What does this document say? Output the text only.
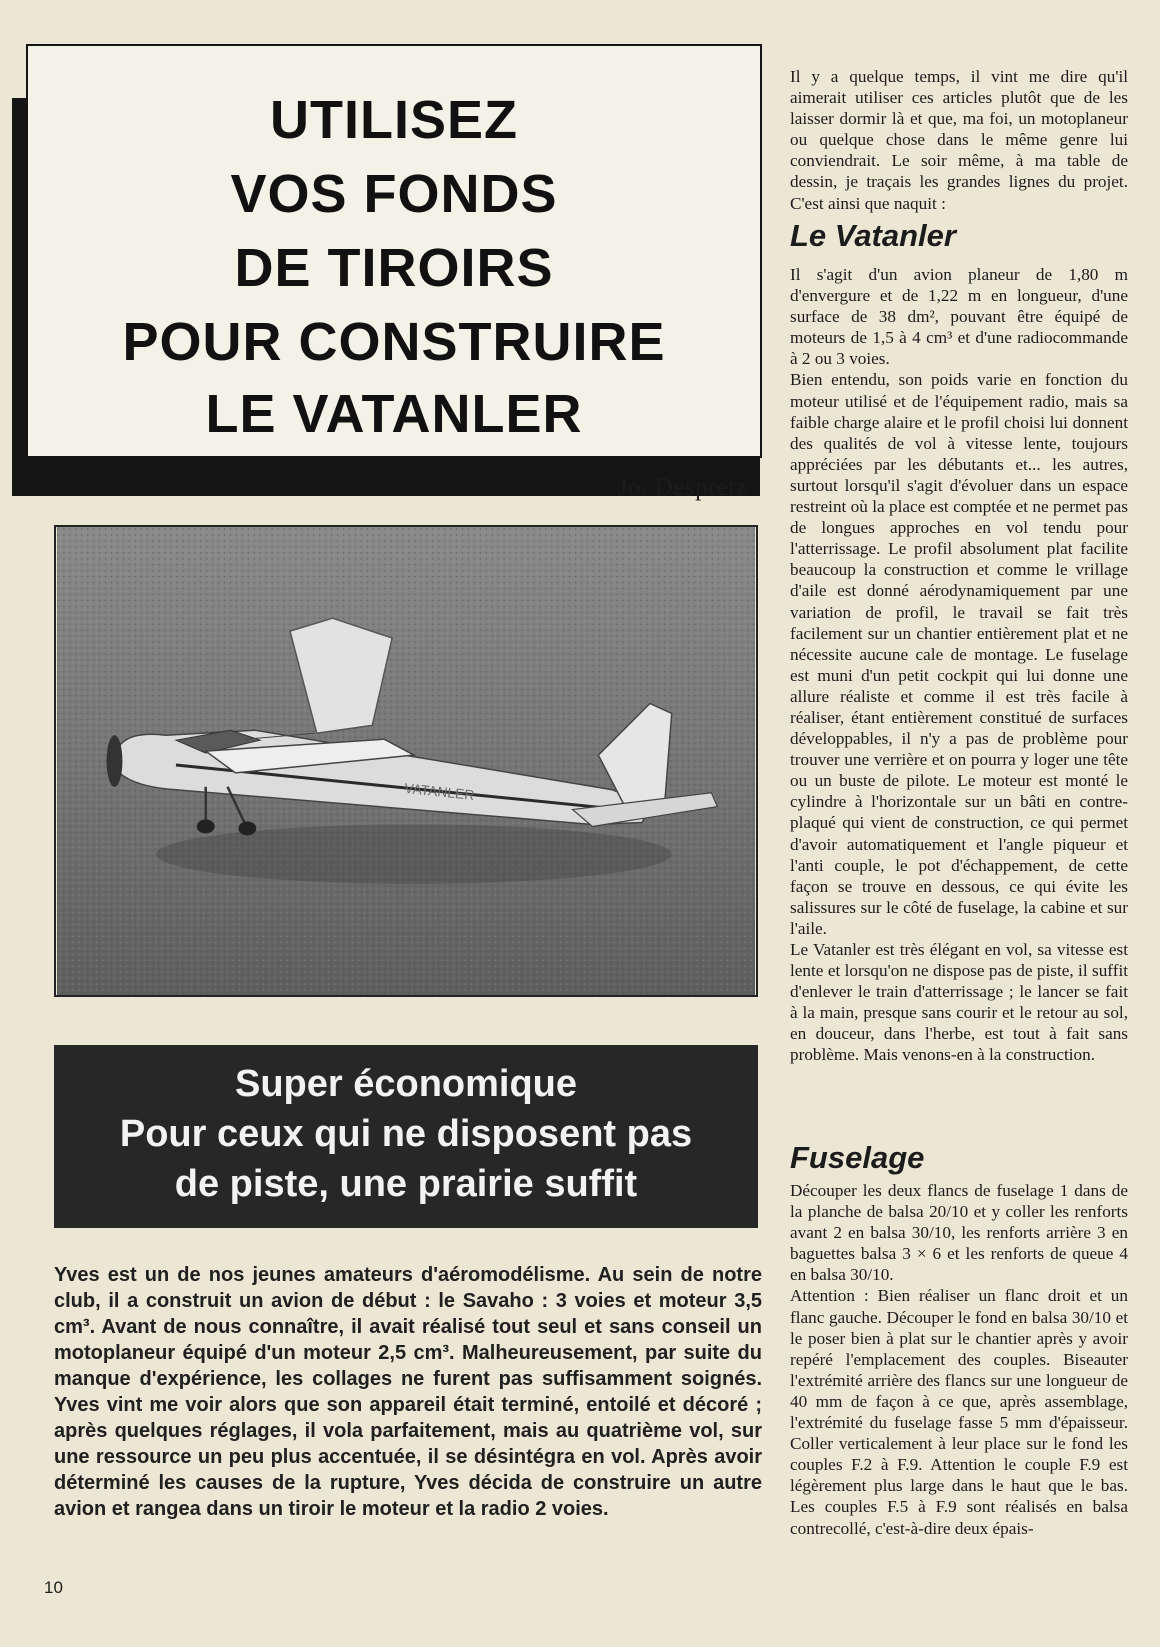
UTILISEZ
VOS FONDS
DE TIROIRS
POUR CONSTRUIRE
LE VATANLER
Jo. Despretz
VATANLER
Super économique
Pour ceux qui ne disposent pas
de piste, une prairie suffit
Yves est un de nos jeunes amateurs d'aéromodélisme. Au sein de notre club, il a construit un avion de début : le Savaho : 3 voies et moteur 3,5 cm³. Avant de nous connaître, il avait réalisé tout seul et sans conseil un motoplaneur équipé d'un moteur 2,5 cm³. Malheureusement, par suite du manque d'expérience, les collages ne furent pas suffisamment soignés. Yves vint me voir alors que son appareil était terminé, entoilé et décoré ; après quelques réglages, il vola parfaitement, mais au quatrième vol, sur une ressource un peu plus accentuée, il se désintégra en vol. Après avoir déterminé les causes de la rupture, Yves décida de construire un autre avion et rangea dans un tiroir le moteur et la radio 2 voies.
10

Il y a quelque temps, il vint me dire qu'il aimerait utiliser ces articles plutôt que de les laisser dormir là et que, ma foi, un motoplaneur ou quelque chose dans le même genre lui conviendrait. Le soir même, à ma table de dessin, je traçais les grandes lignes du projet. C'est ainsi que naquit :

Le Vatanler

Il s'agit d'un avion planeur de 1,80 m d'envergure et de 1,22 m en longueur, d'une surface de 38 dm², pouvant être équipé de moteurs de 1,5 à 4 cm³ et d'une radiocommande à 2 ou 3 voies.

Bien entendu, son poids varie en fonction du moteur utilisé et de l'équipement radio, mais sa faible charge alaire et le profil choisi lui donnent des qualités de vol à vitesse lente, toujours appréciées par les débutants et... les autres, surtout lorsqu'il s'agit d'évoluer dans un espace restreint où la place est comptée et ne permet pas de longues approches en vol tendu pour l'atterrissage. Le profil absolument plat facilite beaucoup la construction et comme le vrillage d'aile est donné aérodynamiquement par une variation de profil, le travail se fait très facilement sur un chantier entièrement plat et ne nécessite aucune cale de montage. Le fuselage est muni d'un petit cockpit qui lui donne une allure réaliste et comme il est très facile à réaliser, étant entièrement constitué de surfaces développables, il n'y a pas de problème pour trouver une verrière et on pourra y loger une tête ou un buste de pilote. Le moteur est monté le cylindre à l'horizontale sur un bâti en contre-plaqué qui vient de construction, ce qui permet d'avoir automatiquement et l'angle piqueur et l'anti couple, le pot d'échappement, de cette façon se trouve en dessous, ce qui évite les salissures sur le côté de fuselage, la cabine et sur l'aile.

Le Vatanler est très élégant en vol, sa vitesse est lente et lorsqu'on ne dispose pas de piste, il suffit d'enlever le train d'atterrissage ; le lancer se fait à la main, presque sans courir et le retour au sol, en douceur, dans l'herbe, est tout à fait sans problème. Mais venons-en à la construction.

Fuselage

Découper les deux flancs de fuselage 1 dans de la planche de balsa 20/10 et y coller les renforts avant 2 en balsa 30/10, les renforts arrière 3 en baguettes balsa 3 × 6 et les renforts de queue 4 en balsa 30/10.

Attention : Bien réaliser un flanc droit et un flanc gauche. Découper le fond en balsa 30/10 et le poser bien à plat sur le chantier après y avoir repéré l'emplacement des couples. Biseauter l'extrémité arrière des flancs sur une longueur de 40 mm de façon à ce que, après assemblage, l'extrémité du fuselage fasse 5 mm d'épaisseur. Coller verticalement à leur place sur le fond les couples F.2 à F.9. Attention le couple F.9 est légèrement plus large dans le haut que le bas. Les couples F.5 à F.9 sont réalisés en balsa contrecollé, c'est-à-dire deux épais-
